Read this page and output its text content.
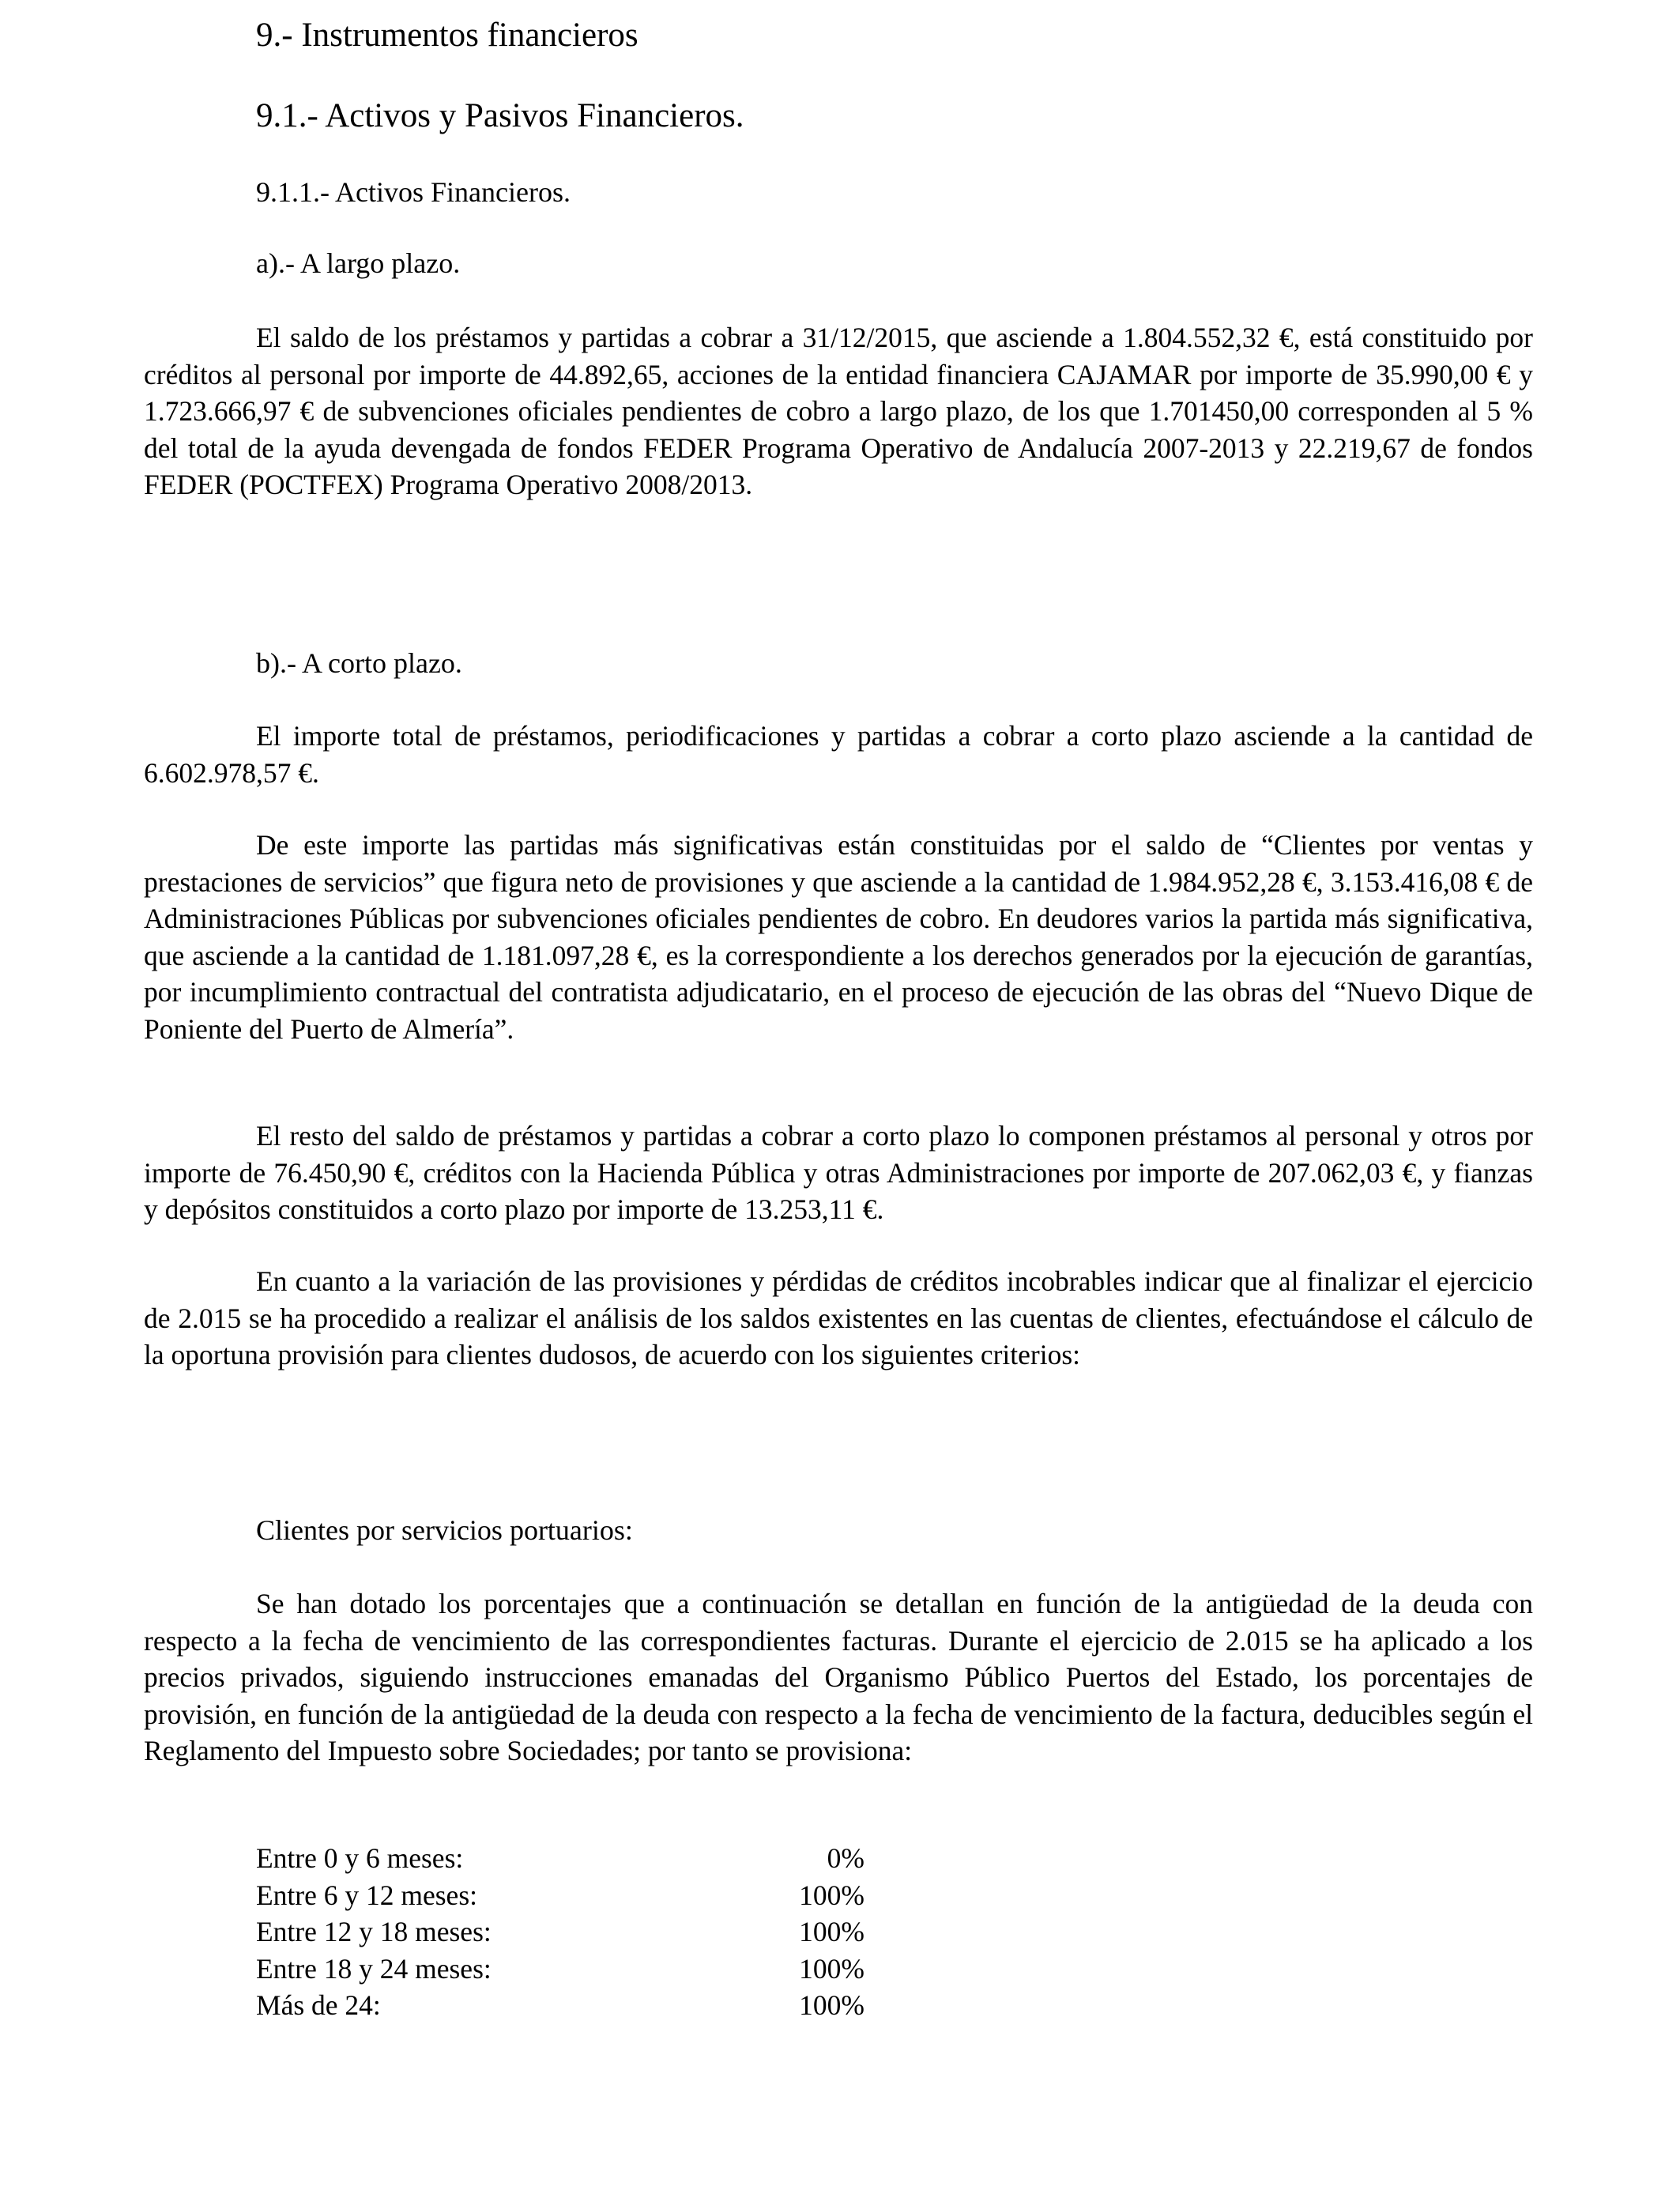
9.- Instrumentos financieros
9.1.- Activos y Pasivos Financieros.
9.1.1.- Activos Financieros.

a).- A largo plazo.

El saldo de los préstamos y partidas a cobrar a 31/12/2015, que asciende a 1.804.552,32 €, está constituido por créditos al personal por importe de 44.892,65, acciones de la entidad financiera CAJAMAR por importe de 35.990,00 € y 1.723.666,97 € de subvenciones oficiales pendientes de cobro a largo plazo, de los que 1.701450,00 corresponden al 5 % del total de la ayuda devengada de fondos FEDER Programa Operativo de Andalucía 2007-2013 y 22.219,67 de fondos FEDER (POCTFEX) Programa Operativo 2008/2013.

b).- A corto plazo.

El importe total de préstamos, periodificaciones y partidas a cobrar a corto plazo asciende a la cantidad de 6.602.978,57 €.

De este importe las partidas más significativas están constituidas por el saldo de “Clientes por ventas y prestaciones de servicios” que figura neto de provisiones y que asciende a la cantidad de 1.984.952,28 €, 3.153.416,08 € de Administraciones Públicas por subvenciones oficiales pendientes de cobro. En deudores varios la partida más significativa, que asciende a la cantidad de 1.181.097,28 €, es la correspondiente a los derechos generados por la ejecución de garantías, por incumplimiento contractual del contratista adjudicatario, en el proceso de ejecución de las obras del “Nuevo Dique de Poniente del Puerto de Almería”.

El resto del saldo de préstamos y partidas a cobrar a corto plazo lo componen préstamos al personal y otros por importe de 76.450,90 €, créditos con la Hacienda Pública y otras Administraciones por importe de 207.062,03 €, y fianzas y depósitos constituidos a corto plazo por importe de 13.253,11 €.

En cuanto a la variación de las provisiones y pérdidas de créditos incobrables indicar que al finalizar el ejercicio de 2.015 se ha procedido a realizar el análisis de los saldos existentes en las cuentas de clientes, efectuándose el cálculo de la oportuna provisión para clientes dudosos, de acuerdo con los siguientes criterios:

Clientes por servicios portuarios:

Se han dotado los porcentajes que a continuación se detallan en función de la antigüedad de la deuda con respecto a la fecha de vencimiento de las correspondientes facturas. Durante el ejercicio de 2.015 se ha aplicado a los precios privados, siguiendo instrucciones emanadas del Organismo Público Puertos del Estado, los porcentajes de provisión, en función de la antigüedad de la deuda con respecto a la fecha de vencimiento de la factura, deducibles según el Reglamento del Impuesto sobre Sociedades; por tanto se provisiona:

Entre 0 y 6 meses:	0%
Entre 6 y 12 meses:	100%
Entre 12 y 18 meses:	100%
Entre 18 y 24 meses:	100%
Más de 24:	100%
